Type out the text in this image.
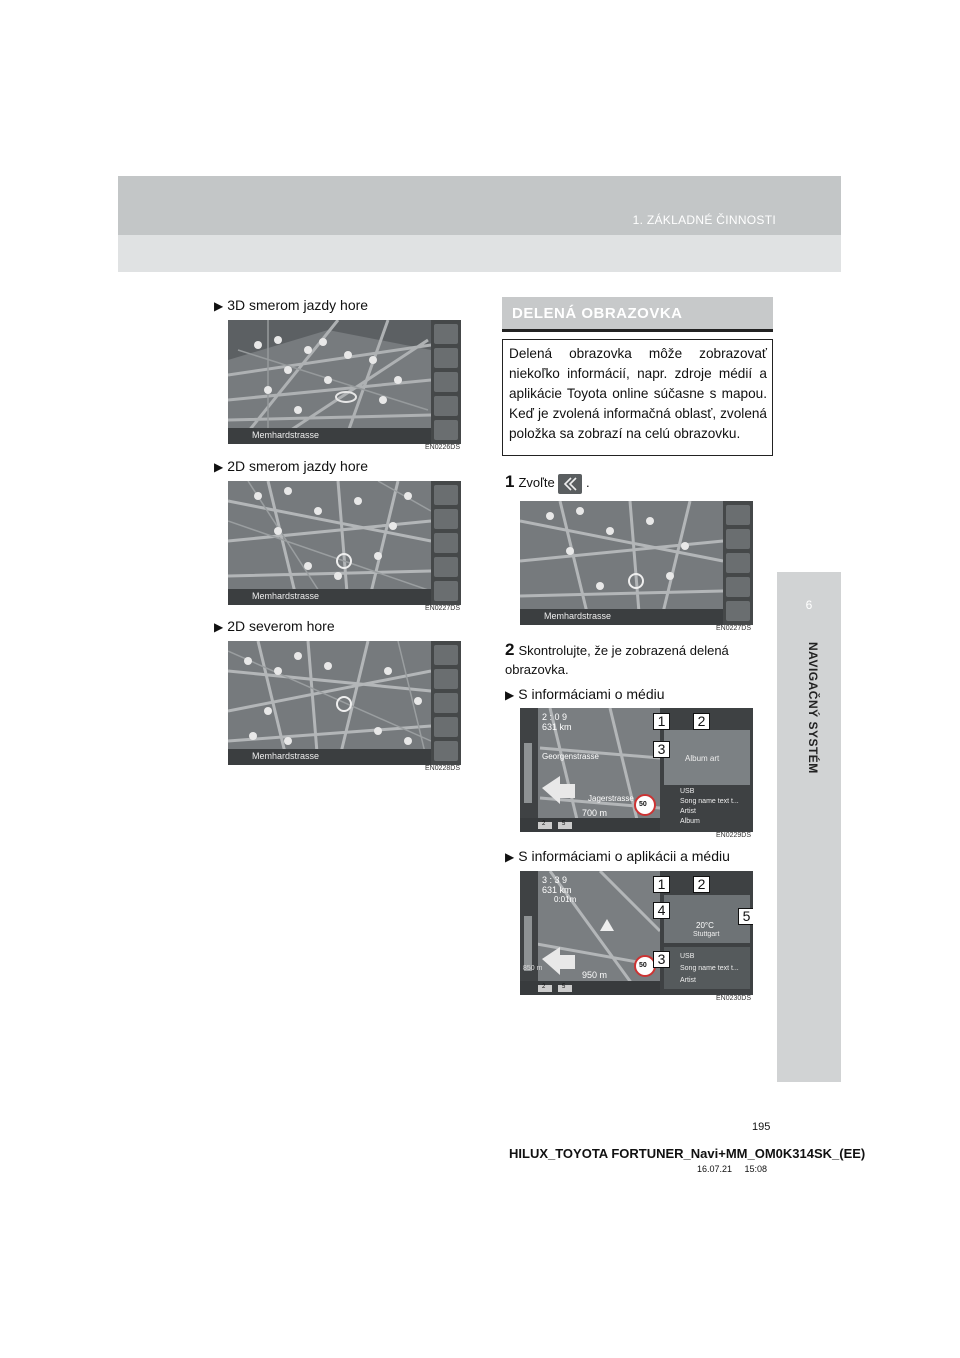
1. ZÁKLADNÉ ČINNOSTI
6
NAVIGAČNÝ SYSTÉM
▶ 3D smerom jazdy hore
Memhardstrasse
EN0226DS
▶ 2D smerom jazdy hore
Memhardstrasse
EN0227DS
▶ 2D severom hore
Memhardstrasse
EN0228DS
DELENÁ OBRAZOVKA
Delená obrazovka môže zobrazovať niekoľko informácií, napr. zdroje médií a aplikácie Toyota online súčasne s mapou. Keď je zvolená informačná oblasť, zvolená položka sa zobrazí na celú obrazovku.
1 Zvoľte .
Memhardstrasse
EN0227DS
2 Skontrolujte, že je zobrazená delená obrazovka.
▶ S informáciami o médiu
2 : 0 9
631 km
Georgenstrasse
Jagerstrasse
700 m
50
2	5
Album art
USB
Song name text t...
Artist
Album
1	2
3
EN0229DS
▶ S informáciami o aplikácii a médiu
3 : 3 9
631 km
0:01m
850 m
950 m
50
2	5
20°C
Stuttgart
USB
Song name text t...
Artist
1	2
4	5
3
EN0230DS
195
HILUX_TOYOTA FORTUNER_Navi+MM_OM0K314SK_(EE)
16.07.21     15:08
